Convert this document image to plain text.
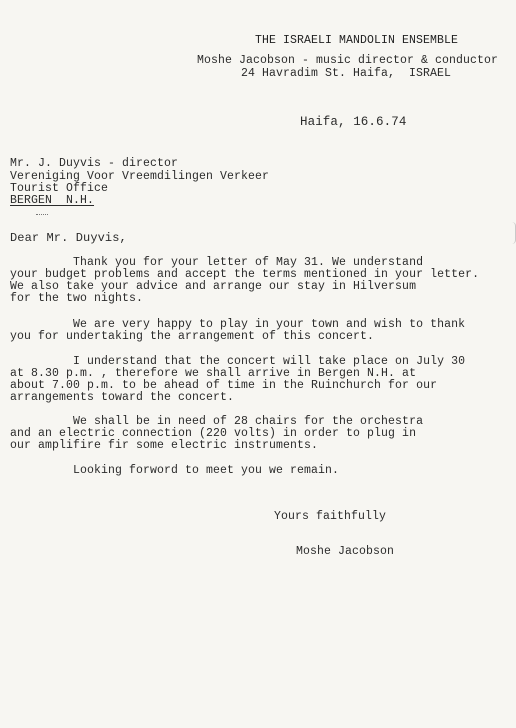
THE ISRAELI MANDOLIN ENSEMBLE
Moshe Jacobson - music director & conductor
24 Havradim St. Haifa,  ISRAEL
Haifa, 16.6.74
Mr. J. Duyvis - director
Vereniging Voor Vreemdilingen Verkeer
Tourist Office
BERGEN  N.H.
Dear Mr. Duyvis,
Thank you for your letter of May 31. We understand
your budget problems and accept the terms mentioned in your letter.
We also take your advice and arrange our stay in Hilversum
for the two nights.
We are very happy to play in your town and wish to thank
you for undertaking the arrangement of this concert.
I understand that the concert will take place on July 30
at 8.30 p.m. , therefore we shall arrive in Bergen N.H. at
about 7.00 p.m. to be ahead of time in the Ruinchurch for our
arrangements toward the concert.
We shall be in need of 28 chairs for the orchestra
and an electric connection (220 volts) in order to plug in
our amplifire fir some electric instruments.
Looking forword to meet you we remain.
Yours faithfully
Moshe Jacobson
